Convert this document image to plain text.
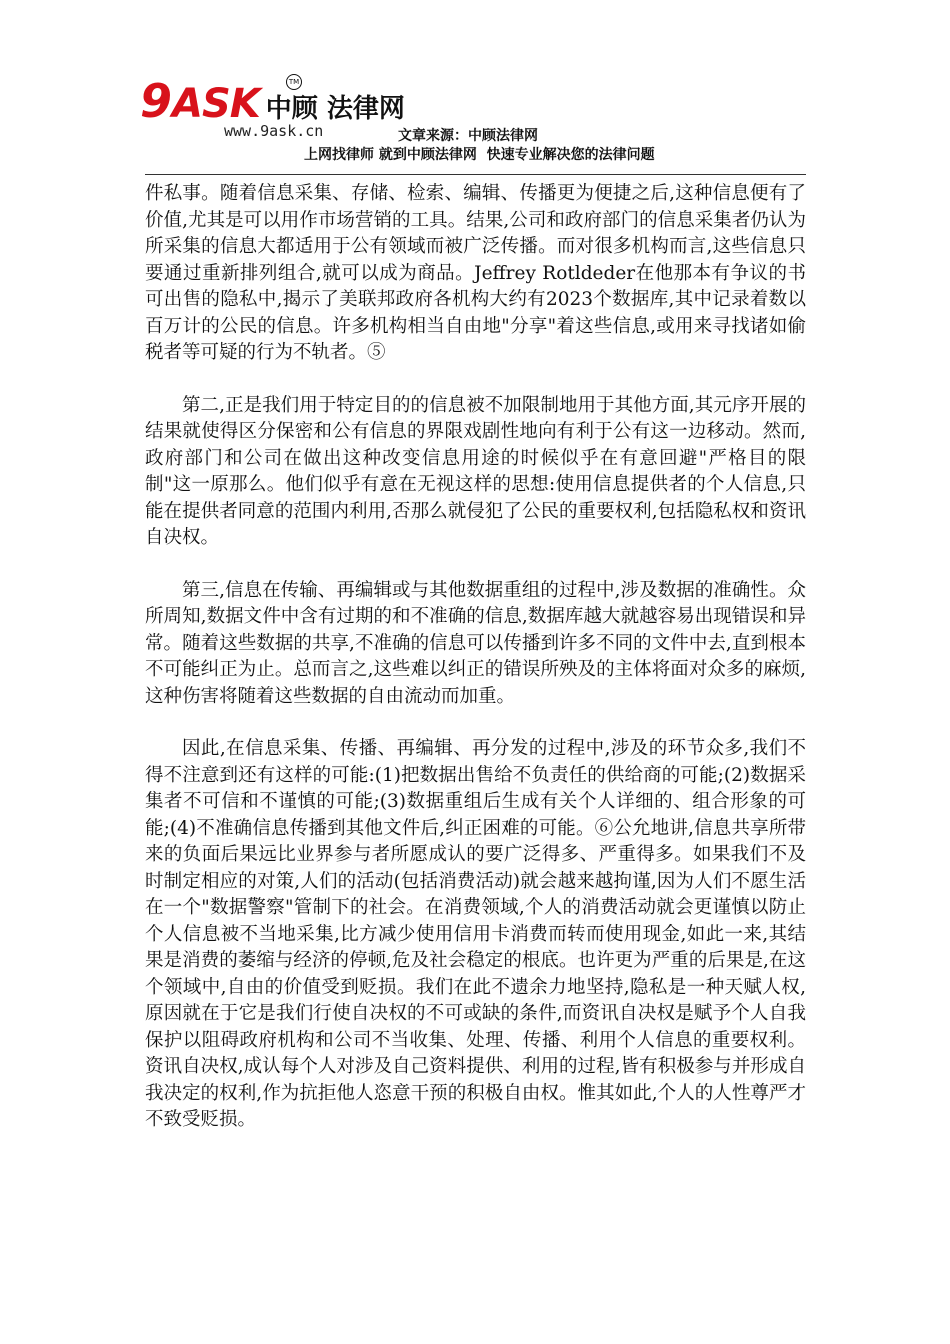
9ASK 中顾 法律网
TM
www.9ask.cn	文章来源：中顾法律网
上网找律师 就到中顾法律网  快速专业解决您的法律问题

件私事。随着信息采集、存储、检索、编辑、传播更为便捷之后,这种信息便有了价值,尤其是可以用作市场营销的工具。结果,公司和政府部门的信息采集者仍认为所采集的信息大都适用于公有领域而被广泛传播。而对很多机构而言,这些信息只要通过重新排列组合,就可以成为商品。Jeffrey Rotldeder在他那本有争议的书可出售的隐私中,揭示了美联邦政府各机构大约有2023个数据库,其中记录着数以百万计的公民的信息。许多机构相当自由地"分享"着这些信息,或用来寻找诸如偷税者等可疑的行为不轨者。⑤

第二,正是我们用于特定目的的信息被不加限制地用于其他方面,其元序开展的结果就使得区分保密和公有信息的界限戏剧性地向有利于公有这一边移动。然而,政府部门和公司在做出这种改变信息用途的时候似乎在有意回避"严格目的限制"这一原那么。他们似乎有意在无视这样的思想:使用信息提供者的个人信息,只能在提供者同意的范围内利用,否那么就侵犯了公民的重要权利,包括隐私权和资讯自决权。

第三,信息在传输、再编辑或与其他数据重组的过程中,涉及数据的准确性。众所周知,数据文件中含有过期的和不准确的信息,数据库越大就越容易出现错误和异常。随着这些数据的共享,不准确的信息可以传播到许多不同的文件中去,直到根本不可能纠正为止。总而言之,这些难以纠正的错误所殃及的主体将面对众多的麻烦,这种伤害将随着这些数据的自由流动而加重。

因此,在信息采集、传播、再编辑、再分发的过程中,涉及的环节众多,我们不得不注意到还有这样的可能:(1)把数据出售给不负责任的供给商的可能;(2)数据采集者不可信和不谨慎的可能;(3)数据重组后生成有关个人详细的、组合形象的可能;(4)不准确信息传播到其他文件后,纠正困难的可能。⑥公允地讲,信息共享所带来的负面后果远比业界参与者所愿成认的要广泛得多、严重得多。如果我们不及时制定相应的对策,人们的活动(包括消费活动)就会越来越拘谨,因为人们不愿生活在一个"数据警察"管制下的社会。在消费领域,个人的消费活动就会更谨慎以防止个人信息被不当地采集,比方减少使用信用卡消费而转而使用现金,如此一来,其结果是消费的萎缩与经济的停顿,危及社会稳定的根底。也许更为严重的后果是,在这个领域中,自由的价值受到贬损。我们在此不遗余力地坚持,隐私是一种天赋人权,原因就在于它是我们行使自决权的不可或缺的条件,而资讯自决权是赋予个人自我保护以阻碍政府机构和公司不当收集、处理、传播、利用个人信息的重要权利。资讯自决权,成认每个人对涉及自己资料提供、利用的过程,皆有积极参与并形成自我决定的权利,作为抗拒他人恣意干预的积极自由权。惟其如此,个人的人性尊严才不致受贬损。
